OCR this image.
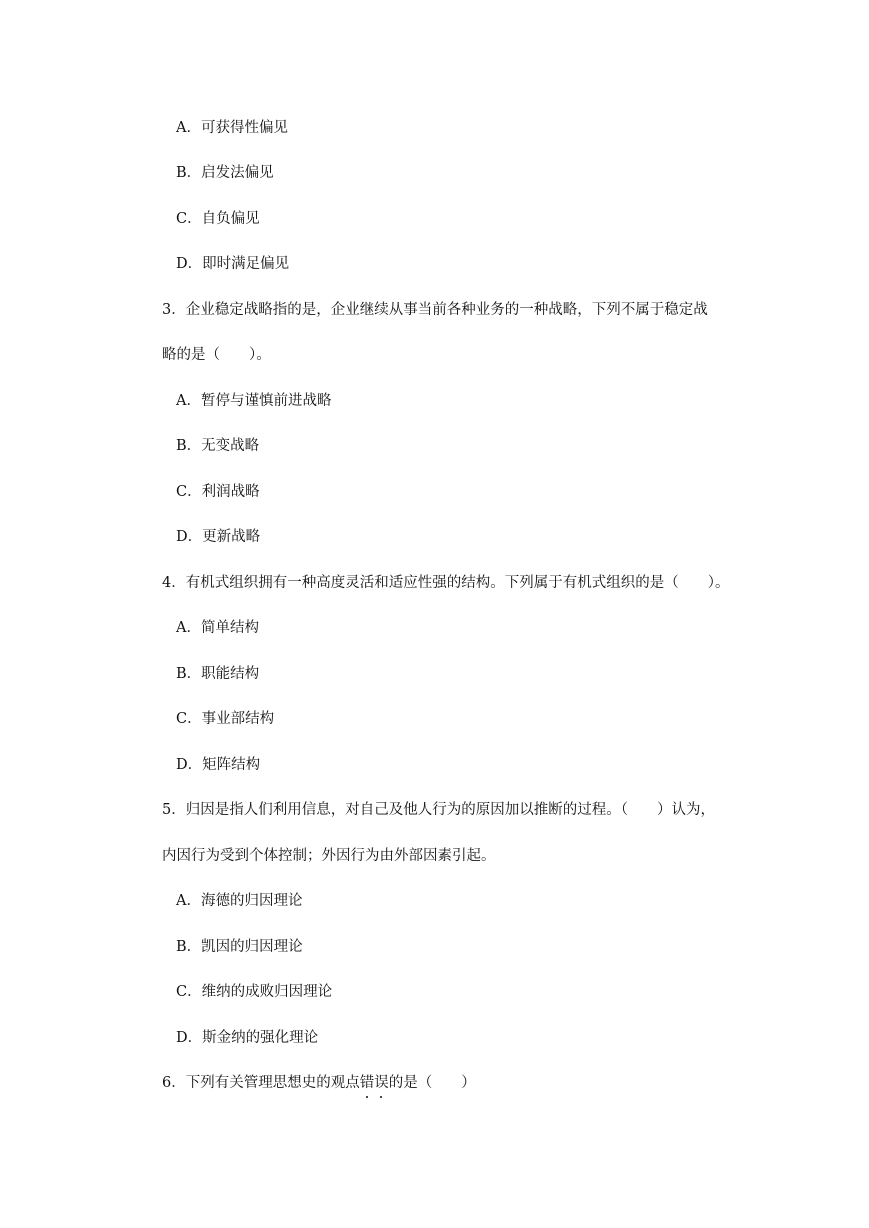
A．可获得性偏见
B．启发法偏见
C．自负偏见
D．即时满足偏见
3．企业稳定战略指的是，企业继续从事当前各种业务的一种战略，下列不属于稳定战
略的是（　　）。
A．暂停与谨慎前进战略
B．无变战略
C．利润战略
D．更新战略
4．有机式组织拥有一种高度灵活和适应性强的结构。下列属于有机式组织的是（　　）。
A．简单结构
B．职能结构
C．事业部结构
D．矩阵结构
5．归因是指人们利用信息，对自己及他人行为的原因加以推断的过程。（　　）认为，
内因行为受到个体控制；外因行为由外部因素引起。
A．海德的归因理论
B．凯因的归因理论
C．维纳的成败归因理论
D．斯金纳的强化理论
6．下列有关管理思想史的观点错误的是（　　）
